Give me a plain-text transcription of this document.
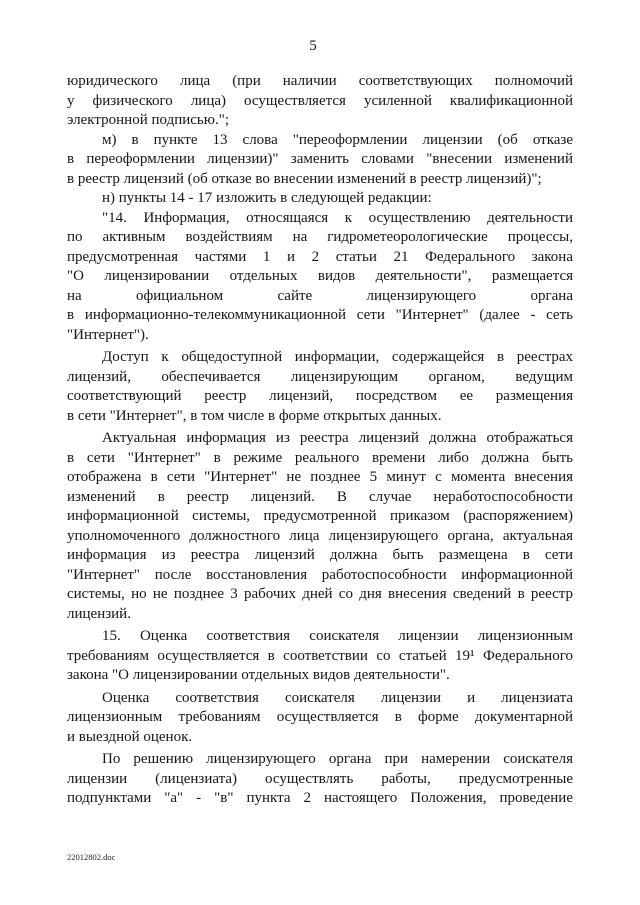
5
юридического лица (при наличии соответствующих полномочий
у физического лица) осуществляется усиленной квалификационной
электронной подписью.";
м) в пункте 13 слова "переоформлении лицензии (об отказе
в переоформлении лицензии)" заменить словами "внесении изменений
в реестр лицензий (об отказе во внесении изменений в реестр лицензий)";
н) пункты 14 - 17 изложить в следующей редакции:
"14. Информация, относящаяся к осуществлению деятельности
по активным воздействиям на гидрометеорологические процессы,
предусмотренная частями 1 и 2 статьи 21 Федерального закона
"О лицензировании отдельных видов деятельности", размещается
на официальном сайте лицензирующего органа
в информационно-телекоммуникационной сети "Интернет" (далее - сеть
"Интернет").
Доступ к общедоступной информации, содержащейся в реестрах
лицензий, обеспечивается лицензирующим органом, ведущим
соответствующий реестр лицензий, посредством ее размещения
в сети "Интернет", в том числе в форме открытых данных.
Актуальная информация из реестра лицензий должна отображаться
в сети "Интернет" в режиме реального времени либо должна быть
отображена в сети "Интернет" не позднее 5 минут с момента внесения
изменений в реестр лицензий. В случае неработоспособности
информационной системы, предусмотренной приказом (распоряжением)
уполномоченного должностного лица лицензирующего органа, актуальная
информация из реестра лицензий должна быть размещена в сети
"Интернет" после восстановления работоспособности информационной
системы, но не позднее 3 рабочих дней со дня внесения сведений в реестр
лицензий.
15. Оценка соответствия соискателя лицензии лицензионным
требованиям осуществляется в соответствии со статьей 19¹ Федерального
закона "О лицензировании отдельных видов деятельности".
Оценка соответствия соискателя лицензии и лицензиата
лицензионным требованиям осуществляется в форме документарной
и выездной оценок.
По решению лицензирующего органа при намерении соискателя
лицензии (лицензиата) осуществлять работы, предусмотренные
подпунктами "а" - "в" пункта 2 настоящего Положения, проведение
22012802.doc
